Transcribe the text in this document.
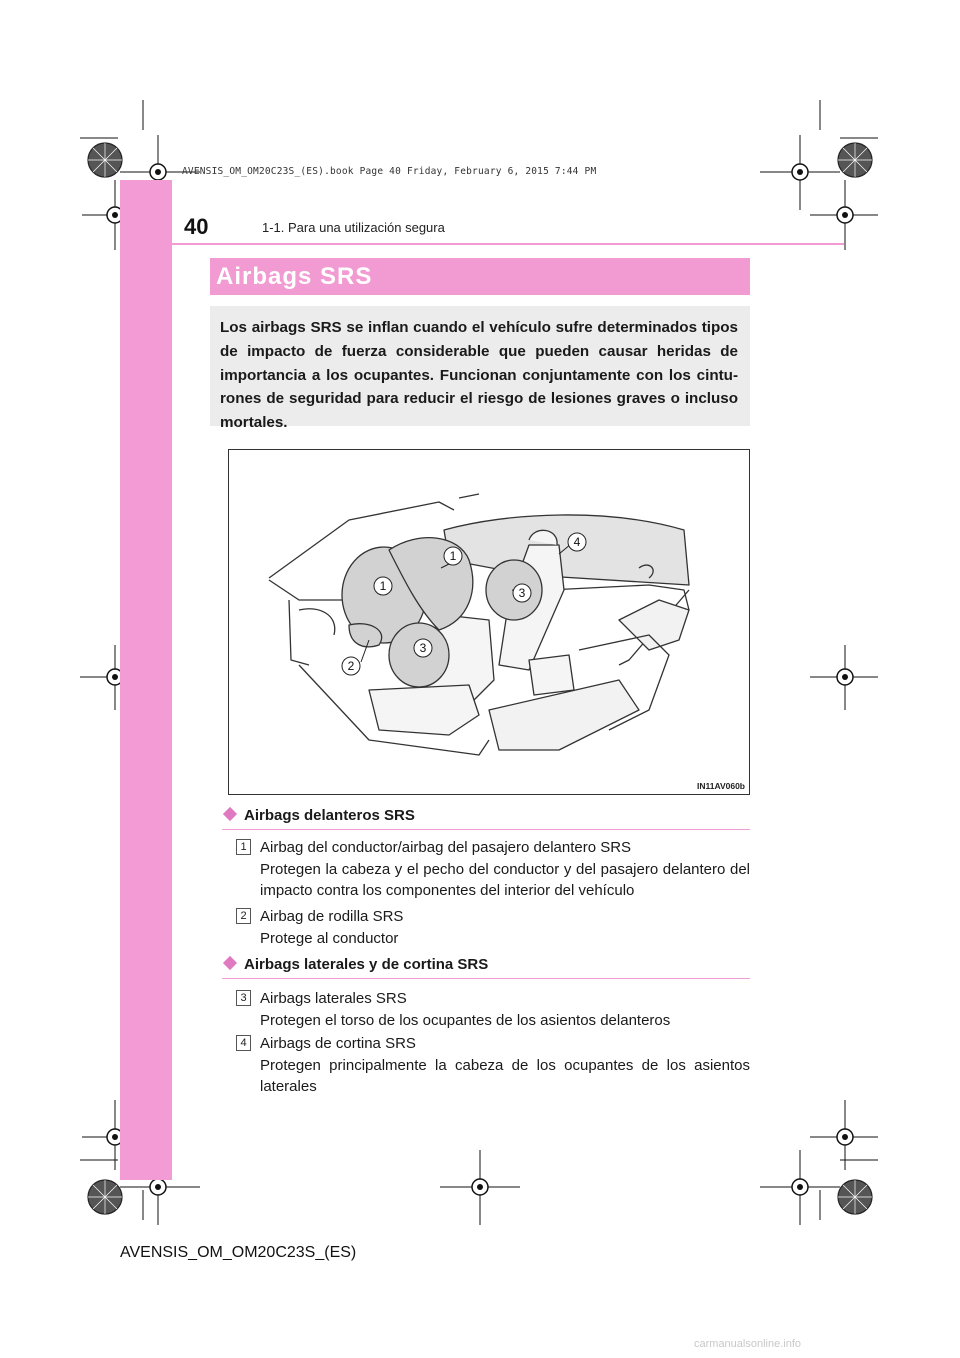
AVENSIS_OM_OM20C23S_(ES).book Page 40 Friday, February 6, 2015 7:44 PM
40	1-1. Para una utilización segura
Airbags SRS

Los airbags SRS se inflan cuando el vehículo sufre determinados tipos de impacto de fuerza considerable que pueden causar heridas de importancia a los ocupantes. Funcionan conjuntamente con los cintu-rones de seguridad para reducir el riesgo de lesiones graves o incluso mortales.

1
1
2
3
3
4
IN11AV060b
Airbags delanteros SRS
1 Airbag del conductor/airbag del pasajero delantero SRS
Protegen la cabeza y el pecho del conductor y del pasajero delantero del impacto contra los componentes del interior del vehículo
2 Airbag de rodilla SRS
Protege al conductor
Airbags laterales y de cortina SRS
3 Airbags laterales SRS
Protegen el torso de los ocupantes de los asientos delanteros
4 Airbags de cortina SRS
Protegen principalmente la cabeza de los ocupantes de los asientos laterales
AVENSIS_OM_OM20C23S_(ES)
carmanualsonline.info
